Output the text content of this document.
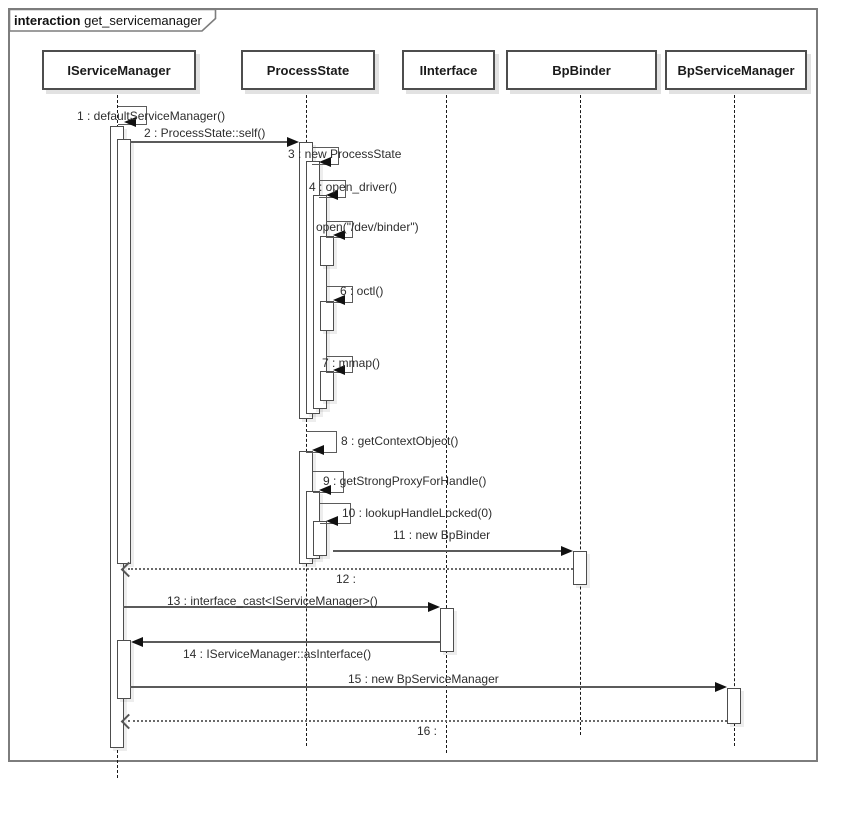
interaction get_servicemanager
IServiceManager	ProcessState	IInterface	BpBinder	BpServiceManager
1 : defaultServiceManager()
2 : ProcessState::self()
3 : new ProcessState
4 : open_driver()
open("/dev/binder")
6 : octl()
7 : mmap()
8 : getContextObject()
9 : getStrongProxyForHandle()
10 : lookupHandleLocked(0)
11 : new BpBinder
12 :
13 : interface_cast<IServiceManager>()
14 : IServiceManager::asInterface()
15 : new BpServiceManager
16 :
